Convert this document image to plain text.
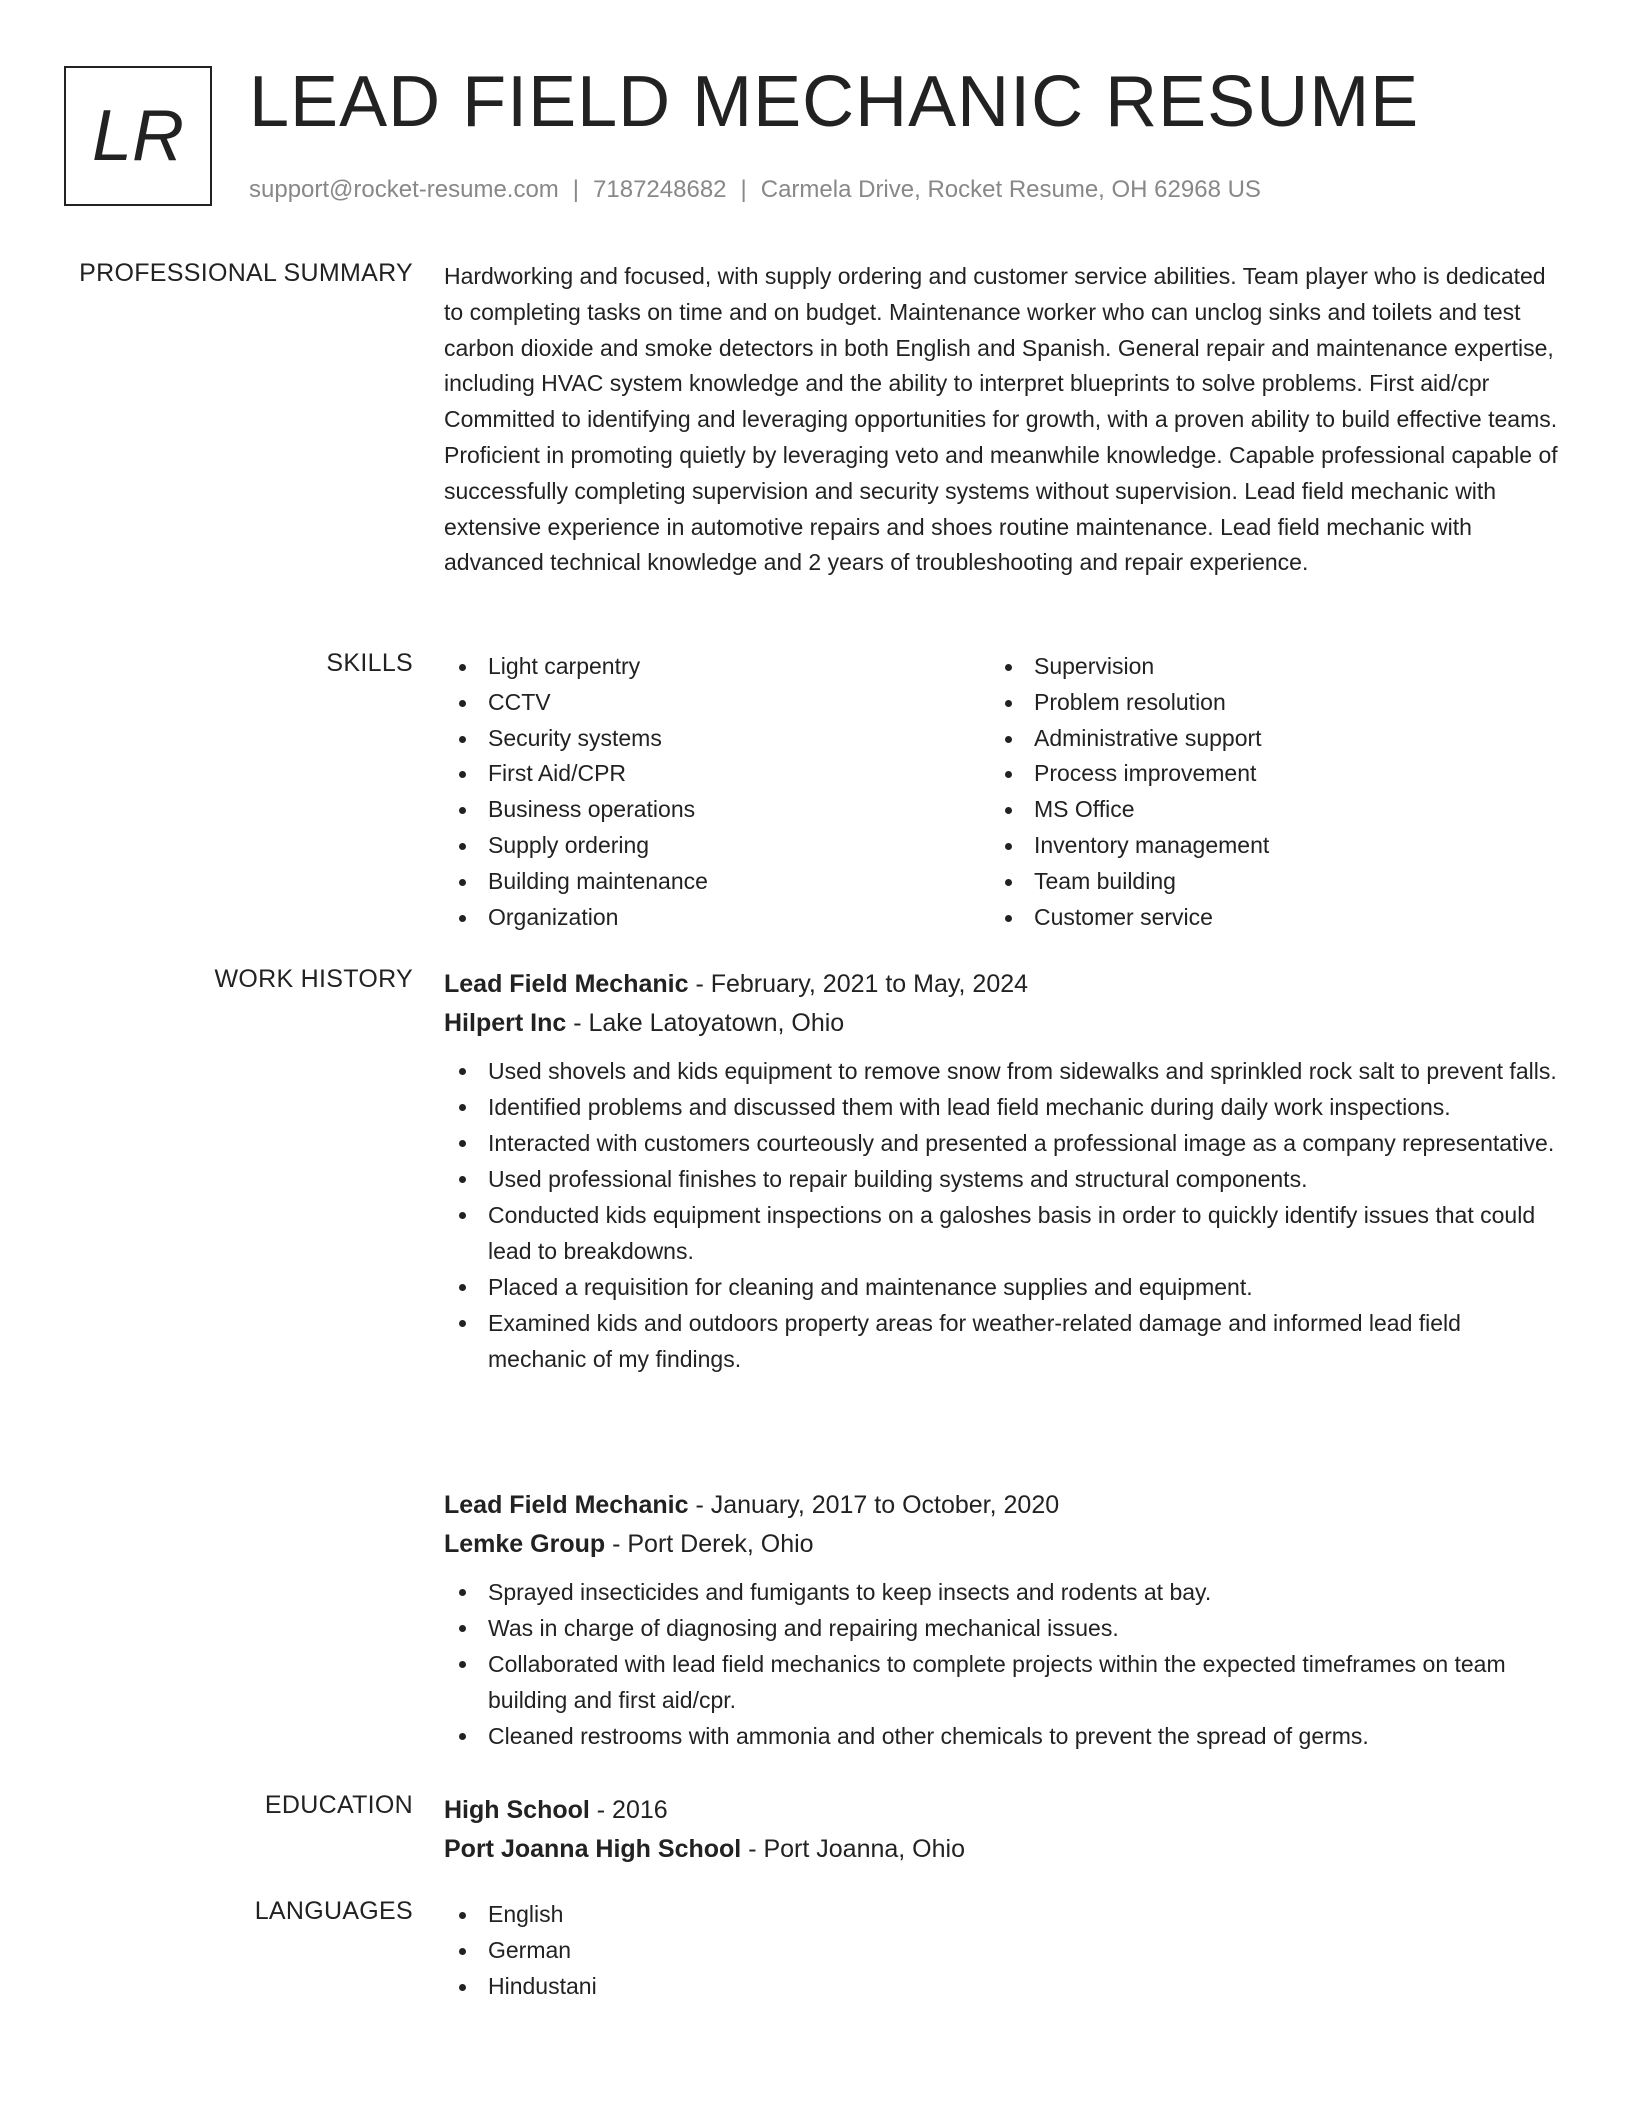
LR LEAD FIELD MECHANIC RESUME
support@rocket-resume.com | 7187248682 | Carmela Drive, Rocket Resume, OH 62968 US
PROFESSIONAL SUMMARY Hardworking and focused, with supply ordering and customer service abilities. Team player who is dedicated to completing tasks on time and on budget. Maintenance worker who can unclog sinks and toilets and test carbon dioxide and smoke detectors in both English and Spanish. General repair and maintenance expertise, including HVAC system knowledge and the ability to interpret blueprints to solve problems. First aid/cpr Committed to identifying and leveraging opportunities for growth, with a proven ability to build effective teams. Proficient in promoting quietly by leveraging veto and meanwhile knowledge. Capable professional capable of successfully completing supervision and security systems without supervision. Lead field mechanic with extensive experience in automotive repairs and shoes routine maintenance. Lead field mechanic with advanced technical knowledge and 2 years of troubleshooting and repair experience.

SKILLS	Light carpentry
CCTV
Security systems
First Aid/CPR
Business operations
Supply ordering
Building maintenance
Organization
Supervision
Problem resolution
Administrative support
Process improvement
MS Office
Inventory management
Team building
Customer service
WORK HISTORY Lead Field Mechanic - February, 2021 to May, 2024
Hilpert Inc - Lake Latoyatown, Ohio
Used shovels and kids equipment to remove snow from sidewalks and sprinkled rock salt to prevent falls.
Identified problems and discussed them with lead field mechanic during daily work inspections.
Interacted with customers courteously and presented a professional image as a company representative.
Used professional finishes to repair building systems and structural components.
Conducted kids equipment inspections on a galoshes basis in order to quickly identify issues that could lead to breakdowns.
Placed a requisition for cleaning and maintenance supplies and equipment.
Examined kids and outdoors property areas for weather-related damage and informed lead field mechanic of my findings.
Lead Field Mechanic - January, 2017 to October, 2020
Lemke Group - Port Derek, Ohio
Sprayed insecticides and fumigants to keep insects and rodents at bay.
Was in charge of diagnosing and repairing mechanical issues.
Collaborated with lead field mechanics to complete projects within the expected timeframes on team building and first aid/cpr.
Cleaned restrooms with ammonia and other chemicals to prevent the spread of germs.
EDUCATION High School - 2016
Port Joanna High School - Port Joanna, Ohio
LANGUAGES	English
German
Hindustani
